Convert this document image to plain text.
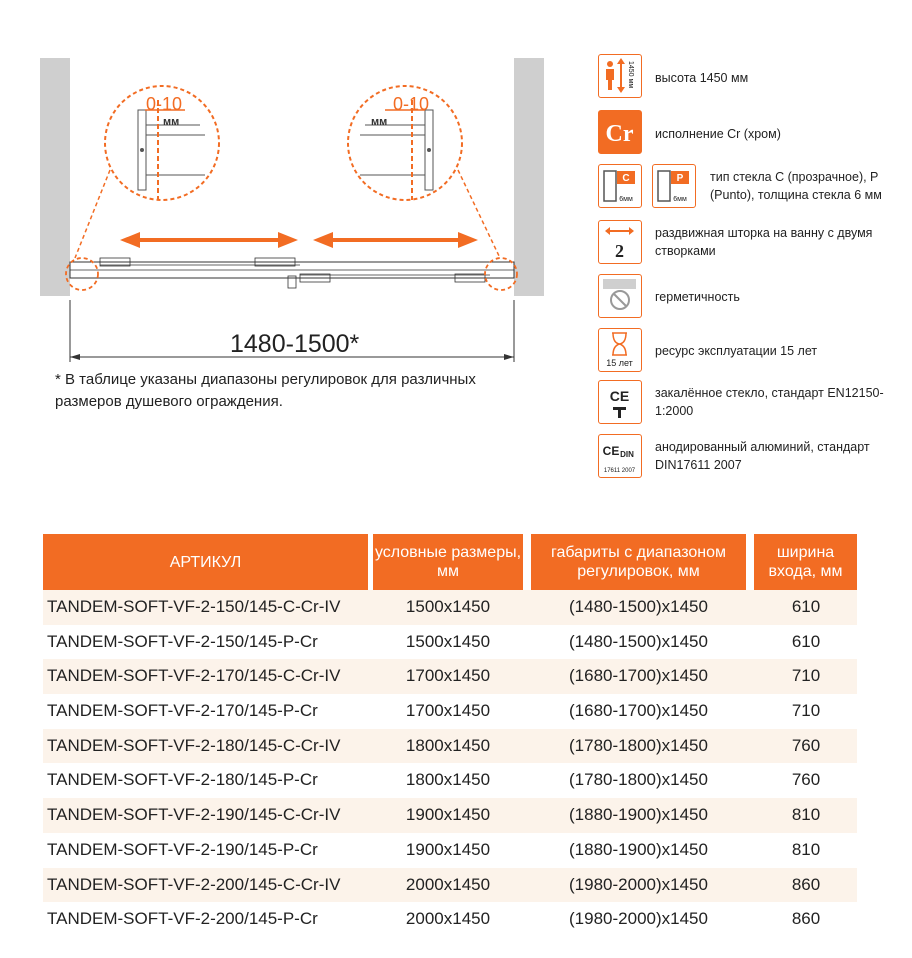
0-10
мм
0-10
мм
1480-1500*
* В таблице указаны диапазоны регулировок для различных размеров душевого ограждения.
1450 мм высота 1450 мм
Cr исполнение Cr (хром)
C
6мм
P
6мм
тип стекла С (прозрачное), Р (Punto), толщина стекла 6 мм
2
раздвижная шторка на ванну с двумя створками
герметичность
15 лет
ресурс эксплуатации 15 лет
CE закалённое стекло, стандарт EN12150-1:2000
CE DIN
17611 2007
анодированный алюминий, стандарт DIN17611 2007
АРТИКУЛ
условные размеры, мм
габариты с диапазоном регулировок, мм
ширина входа, мм
TANDEM-SOFT-VF-2-150/145-C-Cr-IV	1500x1450	(1480-1500)x1450	610
TANDEM-SOFT-VF-2-150/145-P-Cr	1500x1450	(1480-1500)x1450	610
TANDEM-SOFT-VF-2-170/145-C-Cr-IV	1700x1450	(1680-1700)x1450	710
TANDEM-SOFT-VF-2-170/145-P-Cr	1700x1450	(1680-1700)x1450	710
TANDEM-SOFT-VF-2-180/145-C-Cr-IV	1800x1450	(1780-1800)x1450	760
TANDEM-SOFT-VF-2-180/145-P-Cr	1800x1450	(1780-1800)x1450	760
TANDEM-SOFT-VF-2-190/145-C-Cr-IV	1900x1450	(1880-1900)x1450	810
TANDEM-SOFT-VF-2-190/145-P-Cr	1900x1450	(1880-1900)x1450	810
TANDEM-SOFT-VF-2-200/145-C-Cr-IV	2000x1450	(1980-2000)x1450	860
TANDEM-SOFT-VF-2-200/145-P-Cr	2000x1450	(1980-2000)x1450	860
